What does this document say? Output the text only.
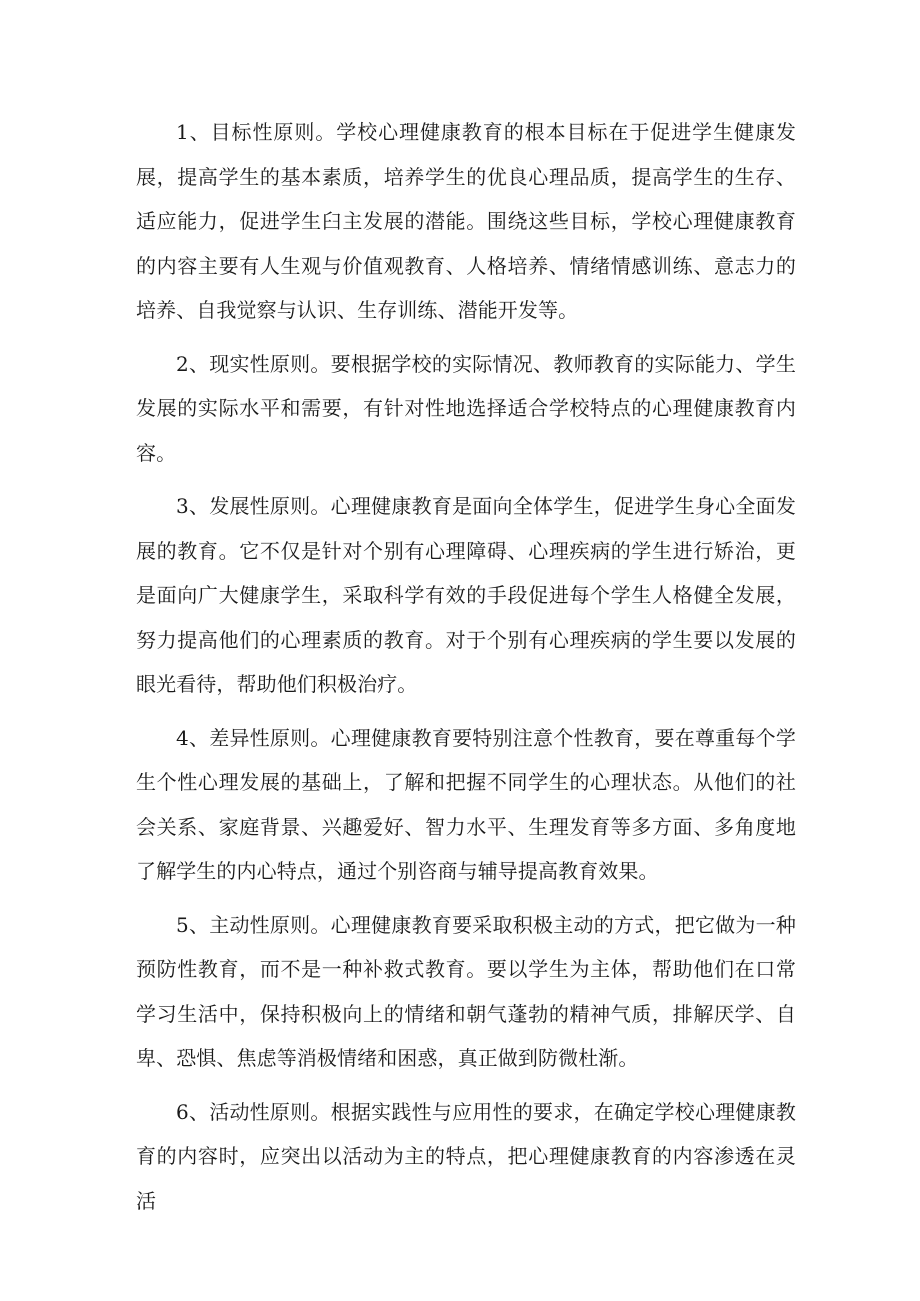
1、目标性原则。学校心理健康教育的根本目标在于促进学生健康发展，提高学生的基本素质，培养学生的优良心理品质，提高学生的生存、适应能力，促进学生臼主发展的潜能。围绕这些目标，学校心理健康教育的内容主要有人生观与价值观教育、人格培养、情绪情感训练、意志力的培养、自我觉察与认识、生存训练、潜能开发等。

2、现实性原则。要根据学校的实际情况、教师教育的实际能力、学生发展的实际水平和需要，有针对性地选择适合学校特点的心理健康教育内容。

3、发展性原则。心理健康教育是面向全体学生，促进学生身心全面发展的教育。它不仅是针对个别有心理障碍、心理疾病的学生进行矫治，更是面向广大健康学生，采取科学有效的手段促进每个学生人格健全发展，努力提高他们的心理素质的教育。对于个别有心理疾病的学生要以发展的眼光看待，帮助他们积极治疗。

4、差异性原则。心理健康教育要特别注意个性教育，要在尊重每个学生个性心理发展的基础上，了解和把握不同学生的心理状态。从他们的社会关系、家庭背景、兴趣爱好、智力水平、生理发育等多方面、多角度地了解学生的内心特点，通过个别咨商与辅导提高教育效果。

5、主动性原则。心理健康教育要采取积极主动的方式，把它做为一种预防性教育，而不是一种补救式教育。要以学生为主体，帮助他们在口常学习生活中，保持积极向上的情绪和朝气蓬勃的精神气质，排解厌学、自卑、恐惧、焦虑等消极情绪和困惑，真正做到防微杜渐。

6、活动性原则。根据实践性与应用性的要求，在确定学校心理健康教育的内容时，应突出以活动为主的特点，把心理健康教育的内容渗透在灵活
